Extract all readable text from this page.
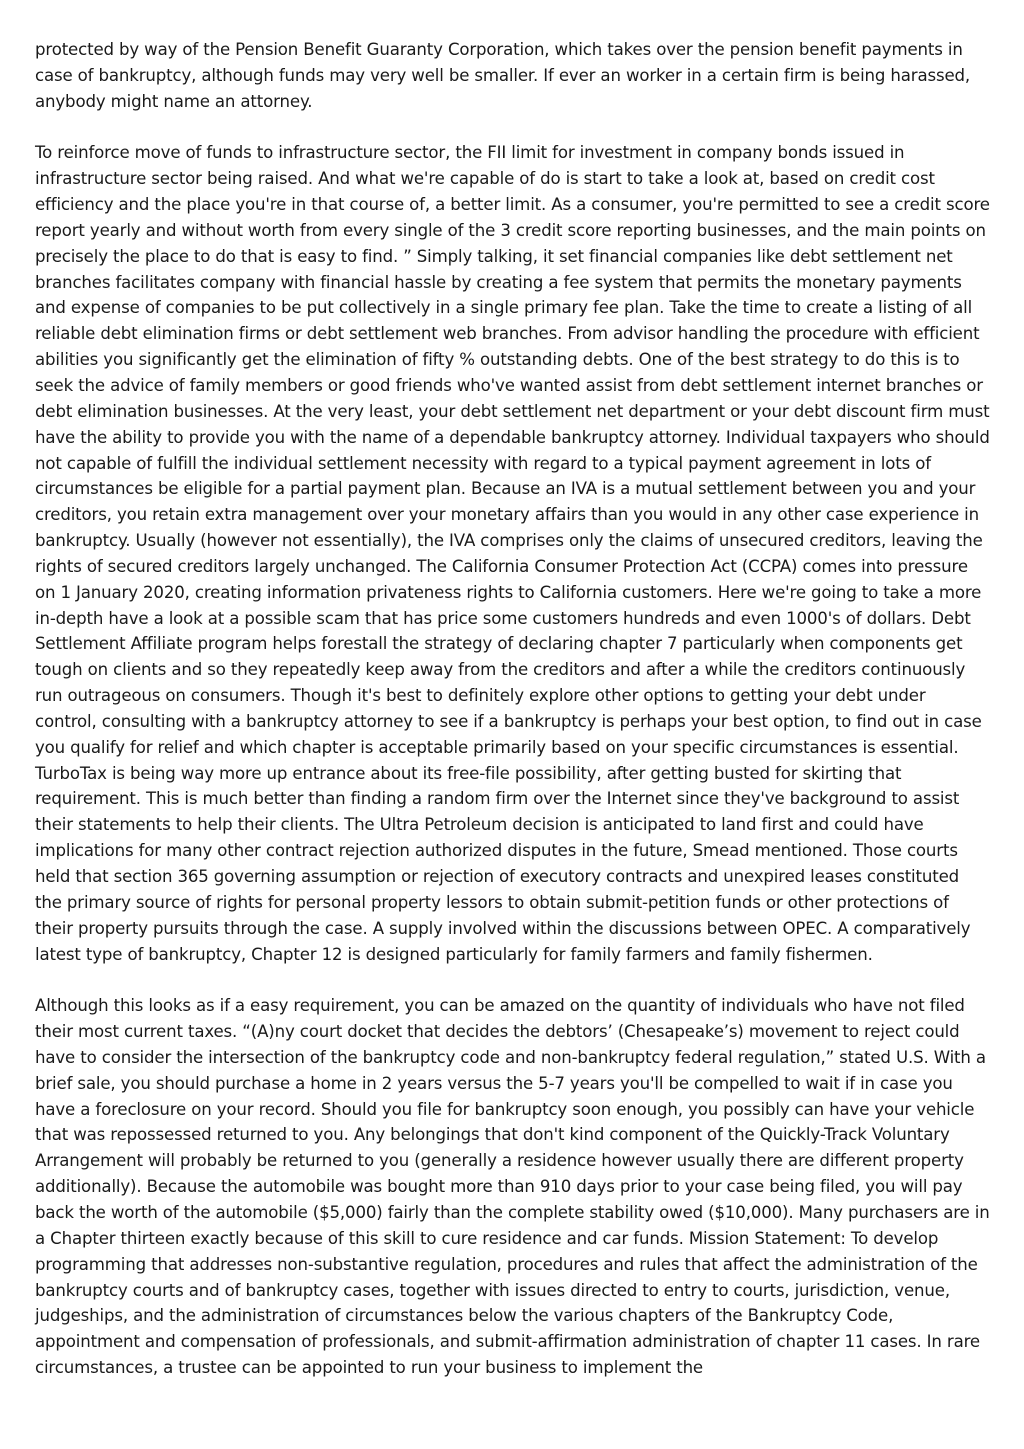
protected by way of the Pension Benefit Guaranty Corporation, which takes over the pension benefit payments in case of bankruptcy, although funds may very well be smaller. If ever an worker in a certain firm is being harassed, anybody might name an attorney.

To reinforce move of funds to infrastructure sector, the FII limit for investment in company bonds issued in infrastructure sector being raised. And what we're capable of do is start to take a look at, based on credit cost efficiency and the place you're in that course of, a better limit. As a consumer, you're permitted to see a credit score report yearly and without worth from every single of the 3 credit score reporting businesses, and the main points on precisely the place to do that is easy to find. ” Simply talking, it set financial companies like debt settlement net branches facilitates company with financial hassle by creating a fee system that permits the monetary payments and expense of companies to be put collectively in a single primary fee plan. Take the time to create a listing of all reliable debt elimination firms or debt settlement web branches. From advisor handling the procedure with efficient abilities you significantly get the elimination of fifty % outstanding debts. One of the best strategy to do this is to seek the advice of family members or good friends who've wanted assist from debt settlement internet branches or debt elimination businesses. At the very least, your debt settlement net department or your debt discount firm must have the ability to provide you with the name of a dependable bankruptcy attorney. Individual taxpayers who should not capable of fulfill the individual settlement necessity with regard to a typical payment agreement in lots of circumstances be eligible for a partial payment plan. Because an IVA is a mutual settlement between you and your creditors, you retain extra management over your monetary affairs than you would in any other case experience in bankruptcy. Usually (however not essentially), the IVA comprises only the claims of unsecured creditors, leaving the rights of secured creditors largely unchanged. The California Consumer Protection Act (CCPA) comes into pressure on 1 January 2020, creating information privateness rights to California customers. Here we're going to take a more in-depth have a look at a possible scam that has price some customers hundreds and even 1000's of dollars. Debt Settlement Affiliate program helps forestall the strategy of declaring chapter 7 particularly when components get tough on clients and so they repeatedly keep away from the creditors and after a while the creditors continuously run outrageous on consumers. Though it's best to definitely explore other options to getting your debt under control, consulting with a bankruptcy attorney to see if a bankruptcy is perhaps your best option, to find out in case you qualify for relief and which chapter is acceptable primarily based on your specific circumstances is essential. TurboTax is being way more up entrance about its free-file possibility, after getting busted for skirting that requirement. This is much better than finding a random firm over the Internet since they've background to assist their statements to help their clients. The Ultra Petroleum decision is anticipated to land first and could have implications for many other contract rejection authorized disputes in the future, Smead mentioned. Those courts held that section 365 governing assumption or rejection of executory contracts and unexpired leases constituted the primary source of rights for personal property lessors to obtain submit-petition funds or other protections of their property pursuits through the case. A supply involved within the discussions between OPEC. A comparatively latest type of bankruptcy, Chapter 12 is designed particularly for family farmers and family fishermen.

Although this looks as if a easy requirement, you can be amazed on the quantity of individuals who have not filed their most current taxes. “(A)ny court docket that decides the debtors’ (Chesapeake’s) movement to reject could have to consider the intersection of the bankruptcy code and non-bankruptcy federal regulation,” stated U.S. With a brief sale, you should purchase a home in 2 years versus the 5-7 years you'll be compelled to wait if in case you have a foreclosure on your record. Should you file for bankruptcy soon enough, you possibly can have your vehicle that was repossessed returned to you. Any belongings that don't kind component of the Quickly-Track Voluntary Arrangement will probably be returned to you (generally a residence however usually there are different property additionally). Because the automobile was bought more than 910 days prior to your case being filed, you will pay back the worth of the automobile ($5,000) fairly than the complete stability owed ($10,000). Many purchasers are in a Chapter thirteen exactly because of this skill to cure residence and car funds. Mission Statement: To develop programming that addresses non-substantive regulation, procedures and rules that affect the administration of the bankruptcy courts and of bankruptcy cases, together with issues directed to entry to courts, jurisdiction, venue, judgeships, and the administration of circumstances below the various chapters of the Bankruptcy Code, appointment and compensation of professionals, and submit-affirmation administration of chapter 11 cases. In rare circumstances, a trustee can be appointed to run your business to implement the
